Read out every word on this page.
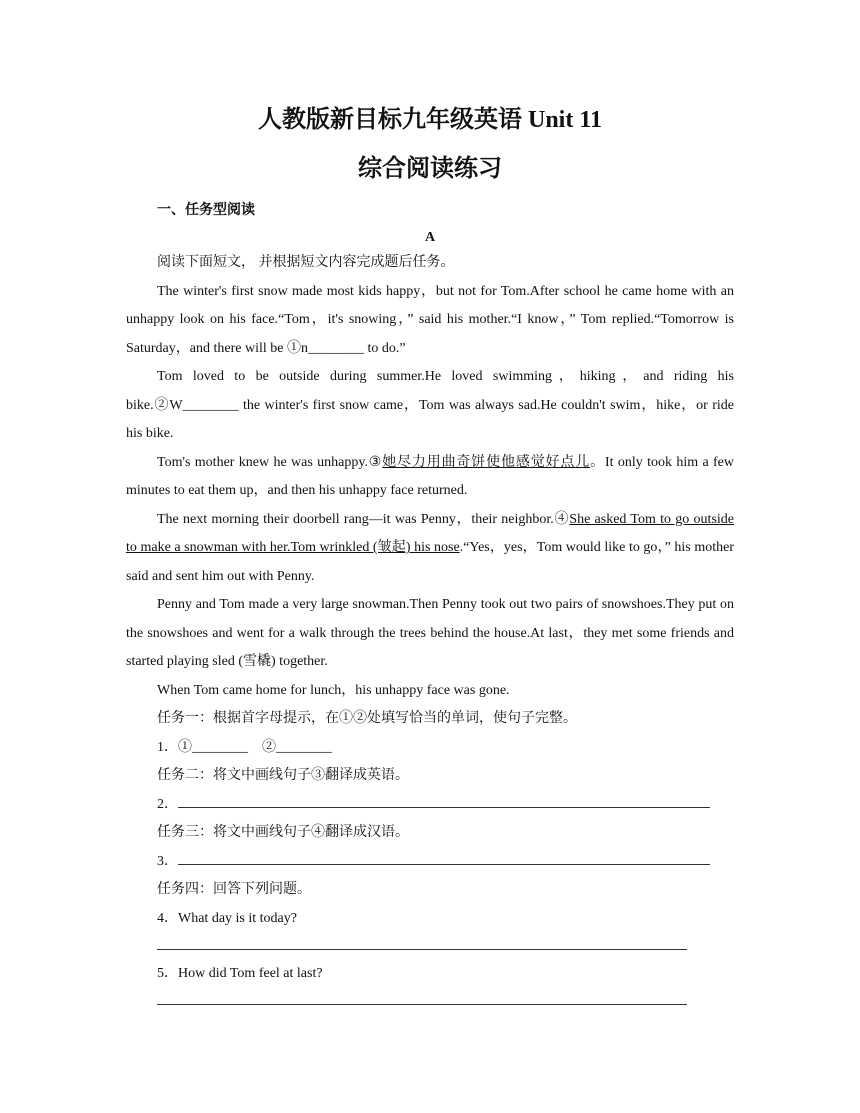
人教版新目标九年级英语 Unit 11
综合阅读练习
一、任务型阅读
A

阅读下面短文， 并根据短文内容完成题后任务。

The winter's first snow made most kids happy，but not for Tom.After school he came home with an unhappy look on his face.“Tom，it's snowing，” said his mother.“I know，” Tom replied.“Tomorrow is Saturday，and there will be ①n________ to do.”

Tom loved to be outside during summer.He loved swimming，hiking，and riding his bike.②W________ the winter's first snow came，Tom was always sad.He couldn't swim，hike，or ride his bike.

Tom's mother knew he was unhappy.③她尽力用曲奇饼使他感觉好点儿。It only took him a few minutes to eat them up，and then his unhappy face returned.

The next morning their doorbell rang—it was Penny，their neighbor.④She asked Tom to go outside to make a snowman with her.Tom wrinkled (皱起) his nose.“Yes，yes，Tom would like to go，” his mother said and sent him out with Penny.

Penny and Tom made a very large snowman.Then Penny took out two pairs of snowshoes.They put on the snowshoes and went for a walk through the trees behind the house.At last，they met some friends and started playing sled (雪橇) together.

When Tom came home for lunch，his unhappy face was gone.

任务一：根据首字母提示，在①②处填写恰当的单词，使句子完整。

1．①________　②________

任务二：将文中画线句子③翻译成英语。

2．

任务三：将文中画线句子④翻译成汉语。

3．

任务四：回答下列问题。

4．What day is it today?

5．How did Tom feel at last?
